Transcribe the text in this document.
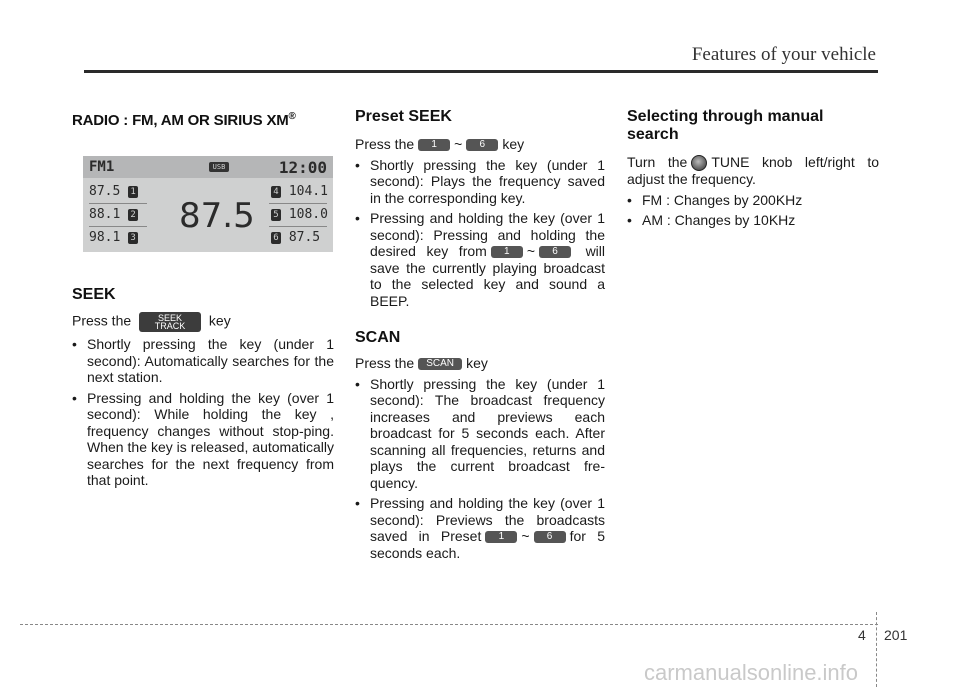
Features of your vehicle
RADIO : FM, AM OR SIRIUS XM®
FM1	USB	12:00
87.5
87.5 1
88.1 2
98.1 3
4 104.1
5 108.0
6 87.5
SEEK

Press the	SEEK
TRACK	key

• Shortly pressing the key (under 1 second): Automatically searches for the next station.
• Pressing and holding the key (over 1 second): While holding the key , frequency changes without stop-ping. When the key is released, automatically searches for the next frequency from that point.
Preset SEEK

Press the 1 ~ 6 key

• Shortly pressing the key (under 1 second): Plays the frequency saved in the corresponding key.
• Pressing and holding the key (over 1 second): Pressing and holding the desired key from 1 ~ 6 will save the currently playing broadcast to the selected key and sound a BEEP.
SCAN

Press the SCAN key

• Shortly pressing the key (under 1 second): The broadcast frequency increases and previews each broadcast for 5 seconds each. After scanning all frequencies, returns and plays the current broadcast fre-quency.
• Pressing and holding the key (over 1 second): Previews the broadcasts saved in Preset 1 ~ 6 for 5 seconds each.
Selecting through manual search

Turn the TUNE knob left/right to adjust the frequency.

• FM : Changes by 200KHz
• AM : Changes by 10KHz
4 201
carmanualsonline.info
